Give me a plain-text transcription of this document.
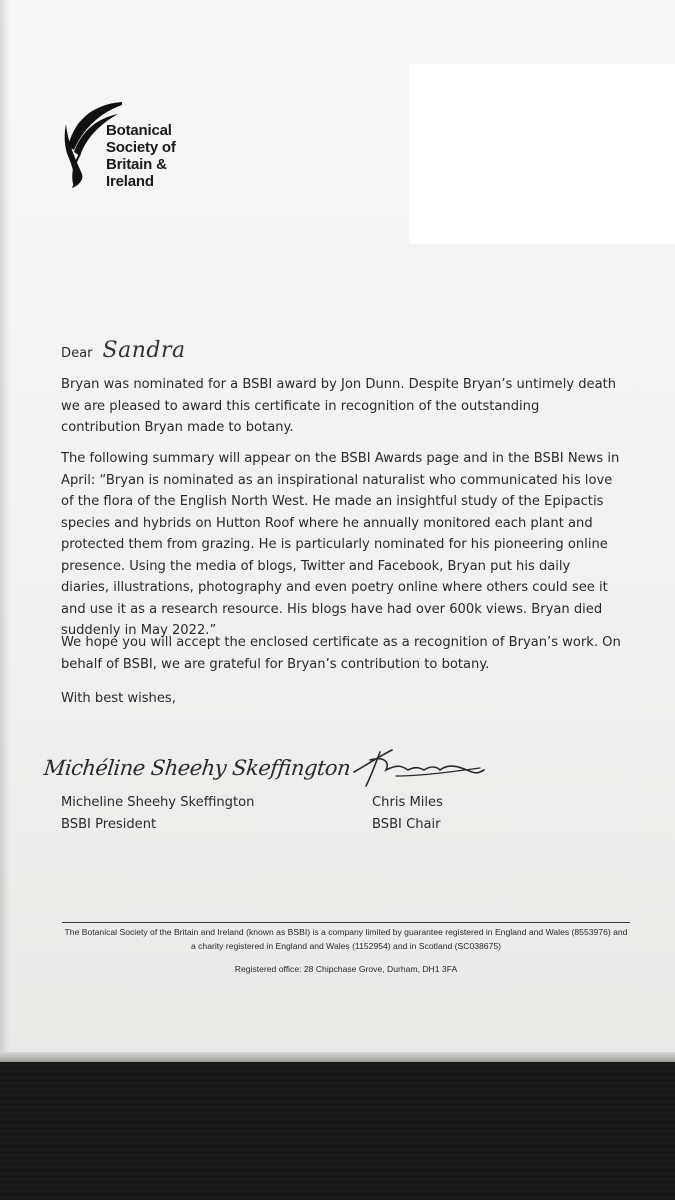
Botanical
Society of
Britain &
Ireland
Dear Sandra
Bryan was nominated for a BSBI award by Jon Dunn. Despite Bryan’s untimely death we are pleased to award this certificate in recognition of the outstanding contribution Bryan made to botany.
The following summary will appear on the BSBI Awards page and in the BSBI News in April: “Bryan is nominated as an inspirational naturalist who communicated his love of the flora of the English North West. He made an insightful study of the Epipactis species and hybrids on Hutton Roof where he annually monitored each plant and protected them from grazing. He is particularly nominated for his pioneering online presence. Using the media of blogs, Twitter and Facebook, Bryan put his daily diaries, illustrations, photography and even poetry online where others could see it and use it as a research resource. His blogs have had over 600k views. Bryan died suddenly in May 2022.”
We hope you will accept the enclosed certificate as a recognition of Bryan’s work. On behalf of BSBI, we are grateful for Bryan’s contribution to botany.
With best wishes,
Michéline Sheehy Skeffington
Micheline Sheehy Skeffington
BSBI President
Chris Miles
BSBI Chair
The Botanical Society of the Britain and Ireland (known as BSBI) is a company limited by guarantee registered in England and Wales (8553976) and a charity registered in England and Wales (1152954) and in Scotland (SC038675)
Registered office: 28 Chipchase Grove, Durham, DH1 3FA
